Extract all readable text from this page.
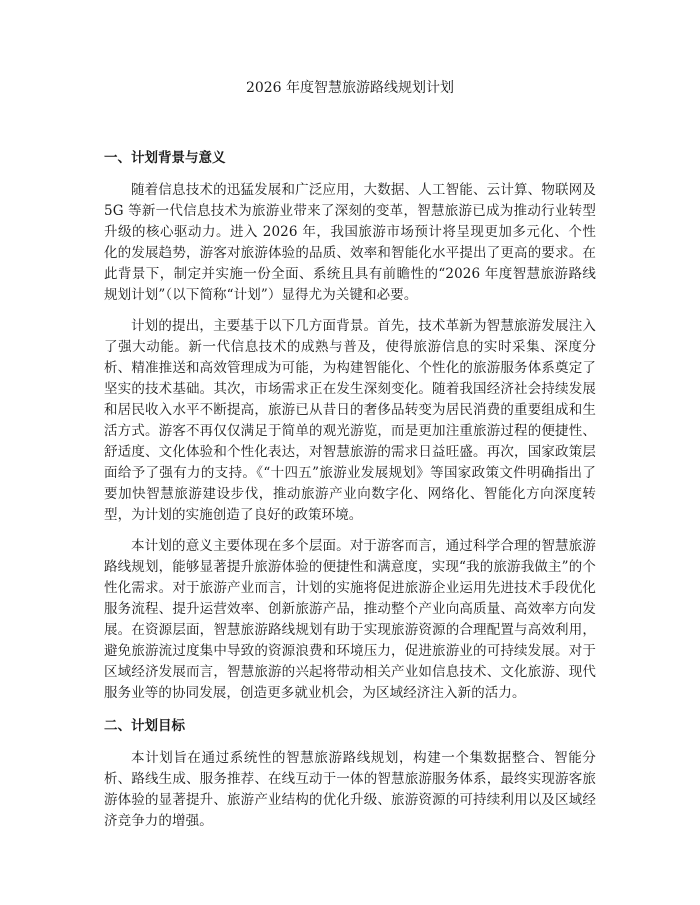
2026 年度智慧旅游路线规划计划
一、计划背景与意义

随着信息技术的迅猛发展和广泛应用，大数据、人工智能、云计算、物联网及 5G 等新一代信息技术为旅游业带来了深刻的变革，智慧旅游已成为推动行业转型升级的核心驱动力。进入 2026 年，我国旅游市场预计将呈现更加多元化、个性化的发展趋势，游客对旅游体验的品质、效率和智能化水平提出了更高的要求。在此背景下，制定并实施一份全面、系统且具有前瞻性的“2026 年度智慧旅游路线规划计划”（以下简称“计划”）显得尤为关键和必要。

计划的提出，主要基于以下几方面背景。首先，技术革新为智慧旅游发展注入了强大动能。新一代信息技术的成熟与普及，使得旅游信息的实时采集、深度分析、精准推送和高效管理成为可能，为构建智能化、个性化的旅游服务体系奠定了坚实的技术基础。其次，市场需求正在发生深刻变化。随着我国经济社会持续发展和居民收入水平不断提高，旅游已从昔日的奢侈品转变为居民消费的重要组成和生活方式。游客不再仅仅满足于简单的观光游览，而是更加注重旅游过程的便捷性、舒适度、文化体验和个性化表达，对智慧旅游的需求日益旺盛。再次，国家政策层面给予了强有力的支持。《“十四五”旅游业发展规划》等国家政策文件明确指出了要加快智慧旅游建设步伐，推动旅游产业向数字化、网络化、智能化方向深度转型，为计划的实施创造了良好的政策环境。

本计划的意义主要体现在多个层面。对于游客而言，通过科学合理的智慧旅游路线规划，能够显著提升旅游体验的便捷性和满意度，实现“我的旅游我做主”的个性化需求。对于旅游产业而言，计划的实施将促进旅游企业运用先进技术手段优化服务流程、提升运营效率、创新旅游产品，推动整个产业向高质量、高效率方向发展。在资源层面，智慧旅游路线规划有助于实现旅游资源的合理配置与高效利用，避免旅游流过度集中导致的资源浪费和环境压力，促进旅游业的可持续发展。对于区域经济发展而言，智慧旅游的兴起将带动相关产业如信息技术、文化旅游、现代服务业等的协同发展，创造更多就业机会，为区域经济注入新的活力。

二、计划目标

本计划旨在通过系统性的智慧旅游路线规划，构建一个集数据整合、智能分析、路线生成、服务推荐、在线互动于一体的智慧旅游服务体系，最终实现游客旅游体验的显著提升、旅游产业结构的优化升级、旅游资源的可持续利用以及区域经济竞争力的增强。
